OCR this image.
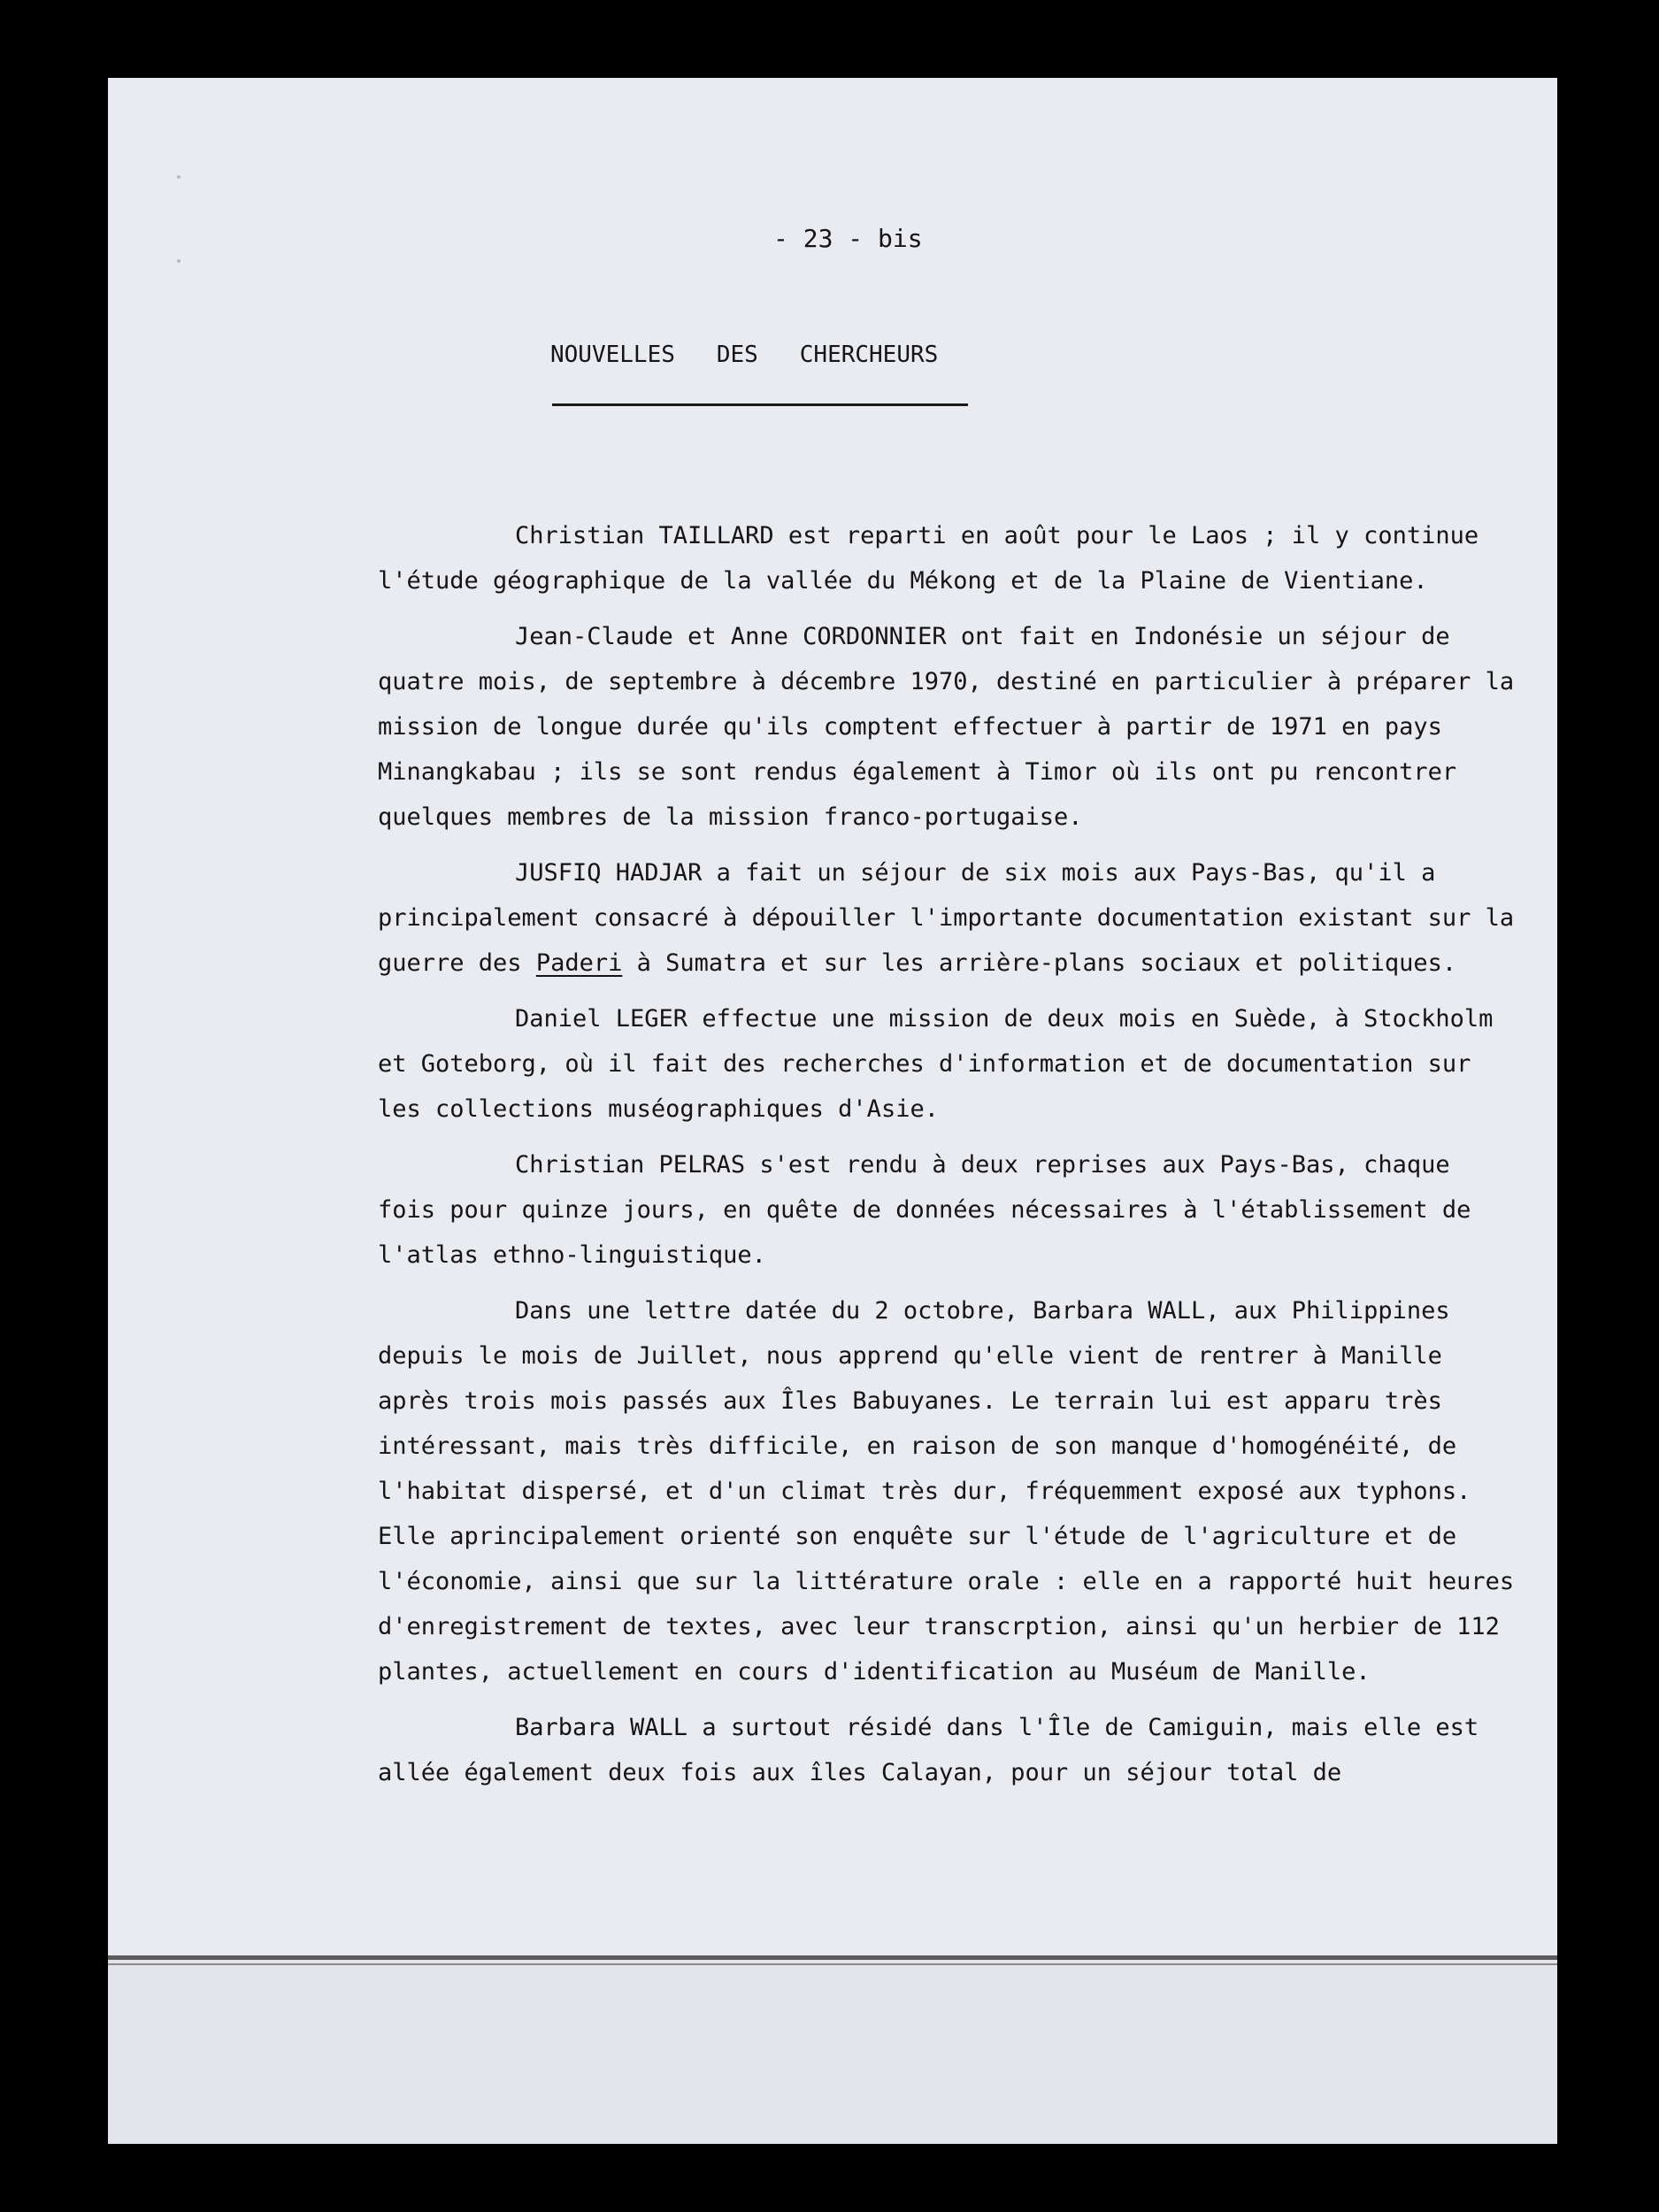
- 23 - bis
NOUVELLES   DES   CHERCHEURS

Christian TAILLARD est reparti en août pour le Laos ; il y continue l'étude géographique de la vallée du Mékong et de la Plaine de Vientiane.

Jean-Claude et Anne CORDONNIER ont fait en Indonésie un séjour de quatre mois, de septembre à décembre 1970, destiné en particulier à préparer la mission de longue durée qu'ils comptent effectuer à partir de 1971 en pays Minangkabau ; ils se sont rendus également à Timor où ils ont pu rencontrer quelques membres de la mission franco-portugaise.

JUSFIQ HADJAR a fait un séjour de six mois aux Pays-Bas, qu'il a principalement consacré à dépouiller l'importante documentation existant sur la guerre des Paderi à Sumatra et sur les arrière-plans sociaux et politiques.

Daniel LEGER effectue une mission de deux mois en Suède, à Stockholm et Goteborg, où il fait des recherches d'information et de documentation sur les collections muséographiques d'Asie.

Christian PELRAS s'est rendu à deux reprises aux Pays-Bas, chaque fois pour quinze jours, en quête de données nécessaires à l'établissement de l'atlas ethno-linguistique.

Dans une lettre datée du 2 octobre, Barbara WALL, aux Philippines depuis le mois de Juillet, nous apprend qu'elle vient de rentrer à Manille après trois mois passés aux Îles Babuyanes. Le terrain lui est apparu très intéressant, mais très difficile, en raison de son manque d'homogénéité, de l'habitat dispersé, et d'un climat très dur, fréquemment exposé aux typhons. Elle aprincipalement orienté son enquête sur l'étude de l'agriculture et de l'économie, ainsi que sur la littérature orale : elle en a rapporté huit heures d'enregistrement de textes, avec leur transcrption, ainsi qu'un herbier de 112 plantes, actuellement en cours d'identification au Muséum de Manille.

Barbara WALL a surtout résidé dans l'Île de Camiguin, mais elle est allée également deux fois aux îles Calayan, pour un séjour total de
